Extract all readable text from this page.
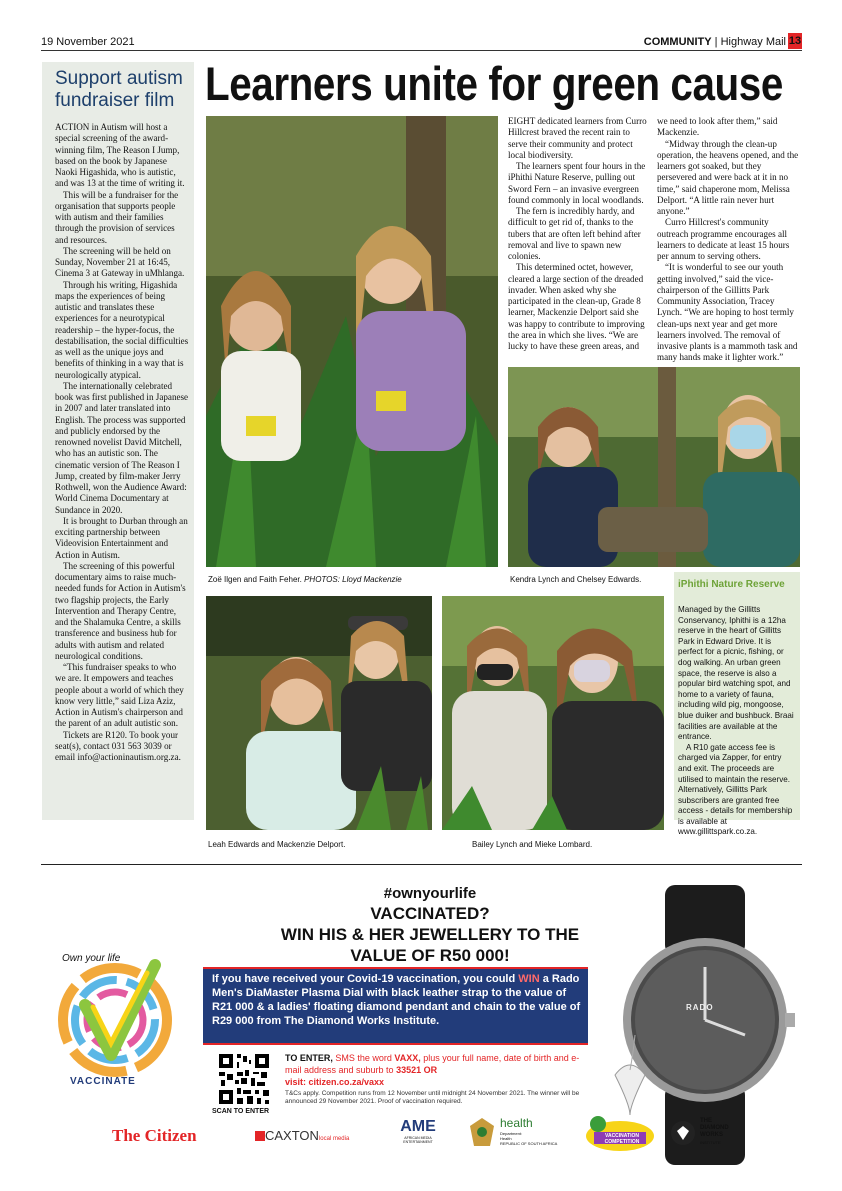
19 November 2021	COMMUNITY | Highway Mail 13
Support autism fundraiser film

ACTION in Autism will host a special screening of the award-winning film, The Reason I Jump, based on the book by Japanese Naoki Higashida, who is autistic, and was 13 at the time of writing it.

This will be a fundraiser for the organisation that supports people with autism and their families through the provision of services and resources.

The screening will be held on Sunday, November 21 at 16:45, Cinema 3 at Gateway in uMhlanga.

Through his writing, Higashida maps the experiences of being autistic and translates these experiences for a neurotypical readership – the hyper-focus, the destabilisation, the social difficulties as well as the unique joys and benefits of thinking in a way that is neurologically atypical.

The internationally celebrated book was first published in Japanese in 2007 and later translated into English. The process was supported and publicly endorsed by the renowned novelist David Mitchell, who has an autistic son. The cinematic version of The Reason I Jump, created by film-maker Jerry Rothwell, won the Audience Award: World Cinema Documentary at Sundance in 2020.

It is brought to Durban through an exciting partnership between Videovision Entertainment and Action in Autism.

The screening of this powerful documentary aims to raise much-needed funds for Action in Autism's two flagship projects, the Early Intervention and Therapy Centre, and the Shalamuka Centre, a skills transference and business hub for adults with autism and related neurological conditions.

“This fundraiser speaks to who we are. It empowers and teaches people about a world of which they know very little,” said Liza Aziz, Action in Autism's chairperson and the parent of an adult autistic son.

Tickets are R120. To book your seat(s), contact 031 563 3039 or email info@actioninautism.org.za.

Learners unite for green cause

EIGHT dedicated learners from Curro Hillcrest braved the recent rain to serve their community and protect local biodiversity.

The learners spent four hours in the iPhithi Nature Reserve, pulling out Sword Fern – an invasive evergreen found commonly in local woodlands.

The fern is incredibly hardy, and difficult to get rid of, thanks to the tubers that are often left behind after removal and live to spawn new colonies.

This determined octet, however, cleared a large section of the dreaded invader. When asked why she participated in the clean-up, Grade 8 learner, Mackenzie Delport said she was happy to contribute to improving the area in which she lives. “We are lucky to have these green areas, and

we need to look after them,” said Mackenzie.

“Midway through the clean-up operation, the heavens opened, and the learners got soaked, but they persevered and were back at it in no time,” said chaperone mom, Melissa Delport. “A little rain never hurt anyone.”

Curro Hillcrest's community outreach programme encourages all learners to dedicate at least 15 hours per annum to serving others.

“It is wonderful to see our youth getting involved,” said the vice-chairperson of the Gillitts Park Community Association, Tracey Lynch. “We are hoping to host termly clean-ups next year and get more learners involved. The removal of invasive plants is a mammoth task and many hands make it lighter work.”

Zoë Ilgen and Faith Feher. PHOTOS: Lloyd Mackenzie	Kendra Lynch and Chelsey Edwards.
Leah Edwards and Mackenzie Delport.	Bailey Lynch and Mieke Lombard.
iPhithi Nature Reserve

Managed by the Gillitts Conservancy, Iphithi is a 12ha reserve in the heart of Gillitts Park in Edward Drive. It is perfect for a picnic, fishing, or dog walking. An urban green space, the reserve is also a popular bird watching spot, and home to a variety of fauna, including wild pig, mongoose, blue duiker and bushbuck. Braai facilities are available at the entrance.

A R10 gate access fee is charged via Zapper, for entry and exit. The proceeds are utilised to maintain the reserve. Alternatively, Gillitts Park subscribers are granted free access - details for membership is available at www.gillittspark.co.za.

Own your life
VACCINATE
#ownyourlife
VACCINATED?
WIN HIS & HER JEWELLERY TO THE
VALUE OF R50 000!
If you have received your Covid-19 vaccination, you could WIN a Rado Men's DiaMaster Plasma Dial with black leather strap to the value of R21 000 & a ladies' floating diamond pendant and chain to the value of R29 000 from The Diamond Works Institute.
SCAN TO ENTER
TO ENTER, SMS the word VAXX, plus your full name, date of birth and e-mail address and suburb to 33521 OR
visit: citizen.co.za/vaxx
T&Cs apply. Competition runs from 12 November until midnight 24 November 2021. The winner will be announced 29 November 2021. Proof of vaccination required.
RADO
The Citizen	CAXTONlocal media
AME
AFRICAN MEDIA ENTERTAINMENT
health
Department:
Health
REPUBLIC OF SOUTH AFRICA
VACCINATION COMPETITION
THE
DIAMOND
WORKS
INSTITUTE
